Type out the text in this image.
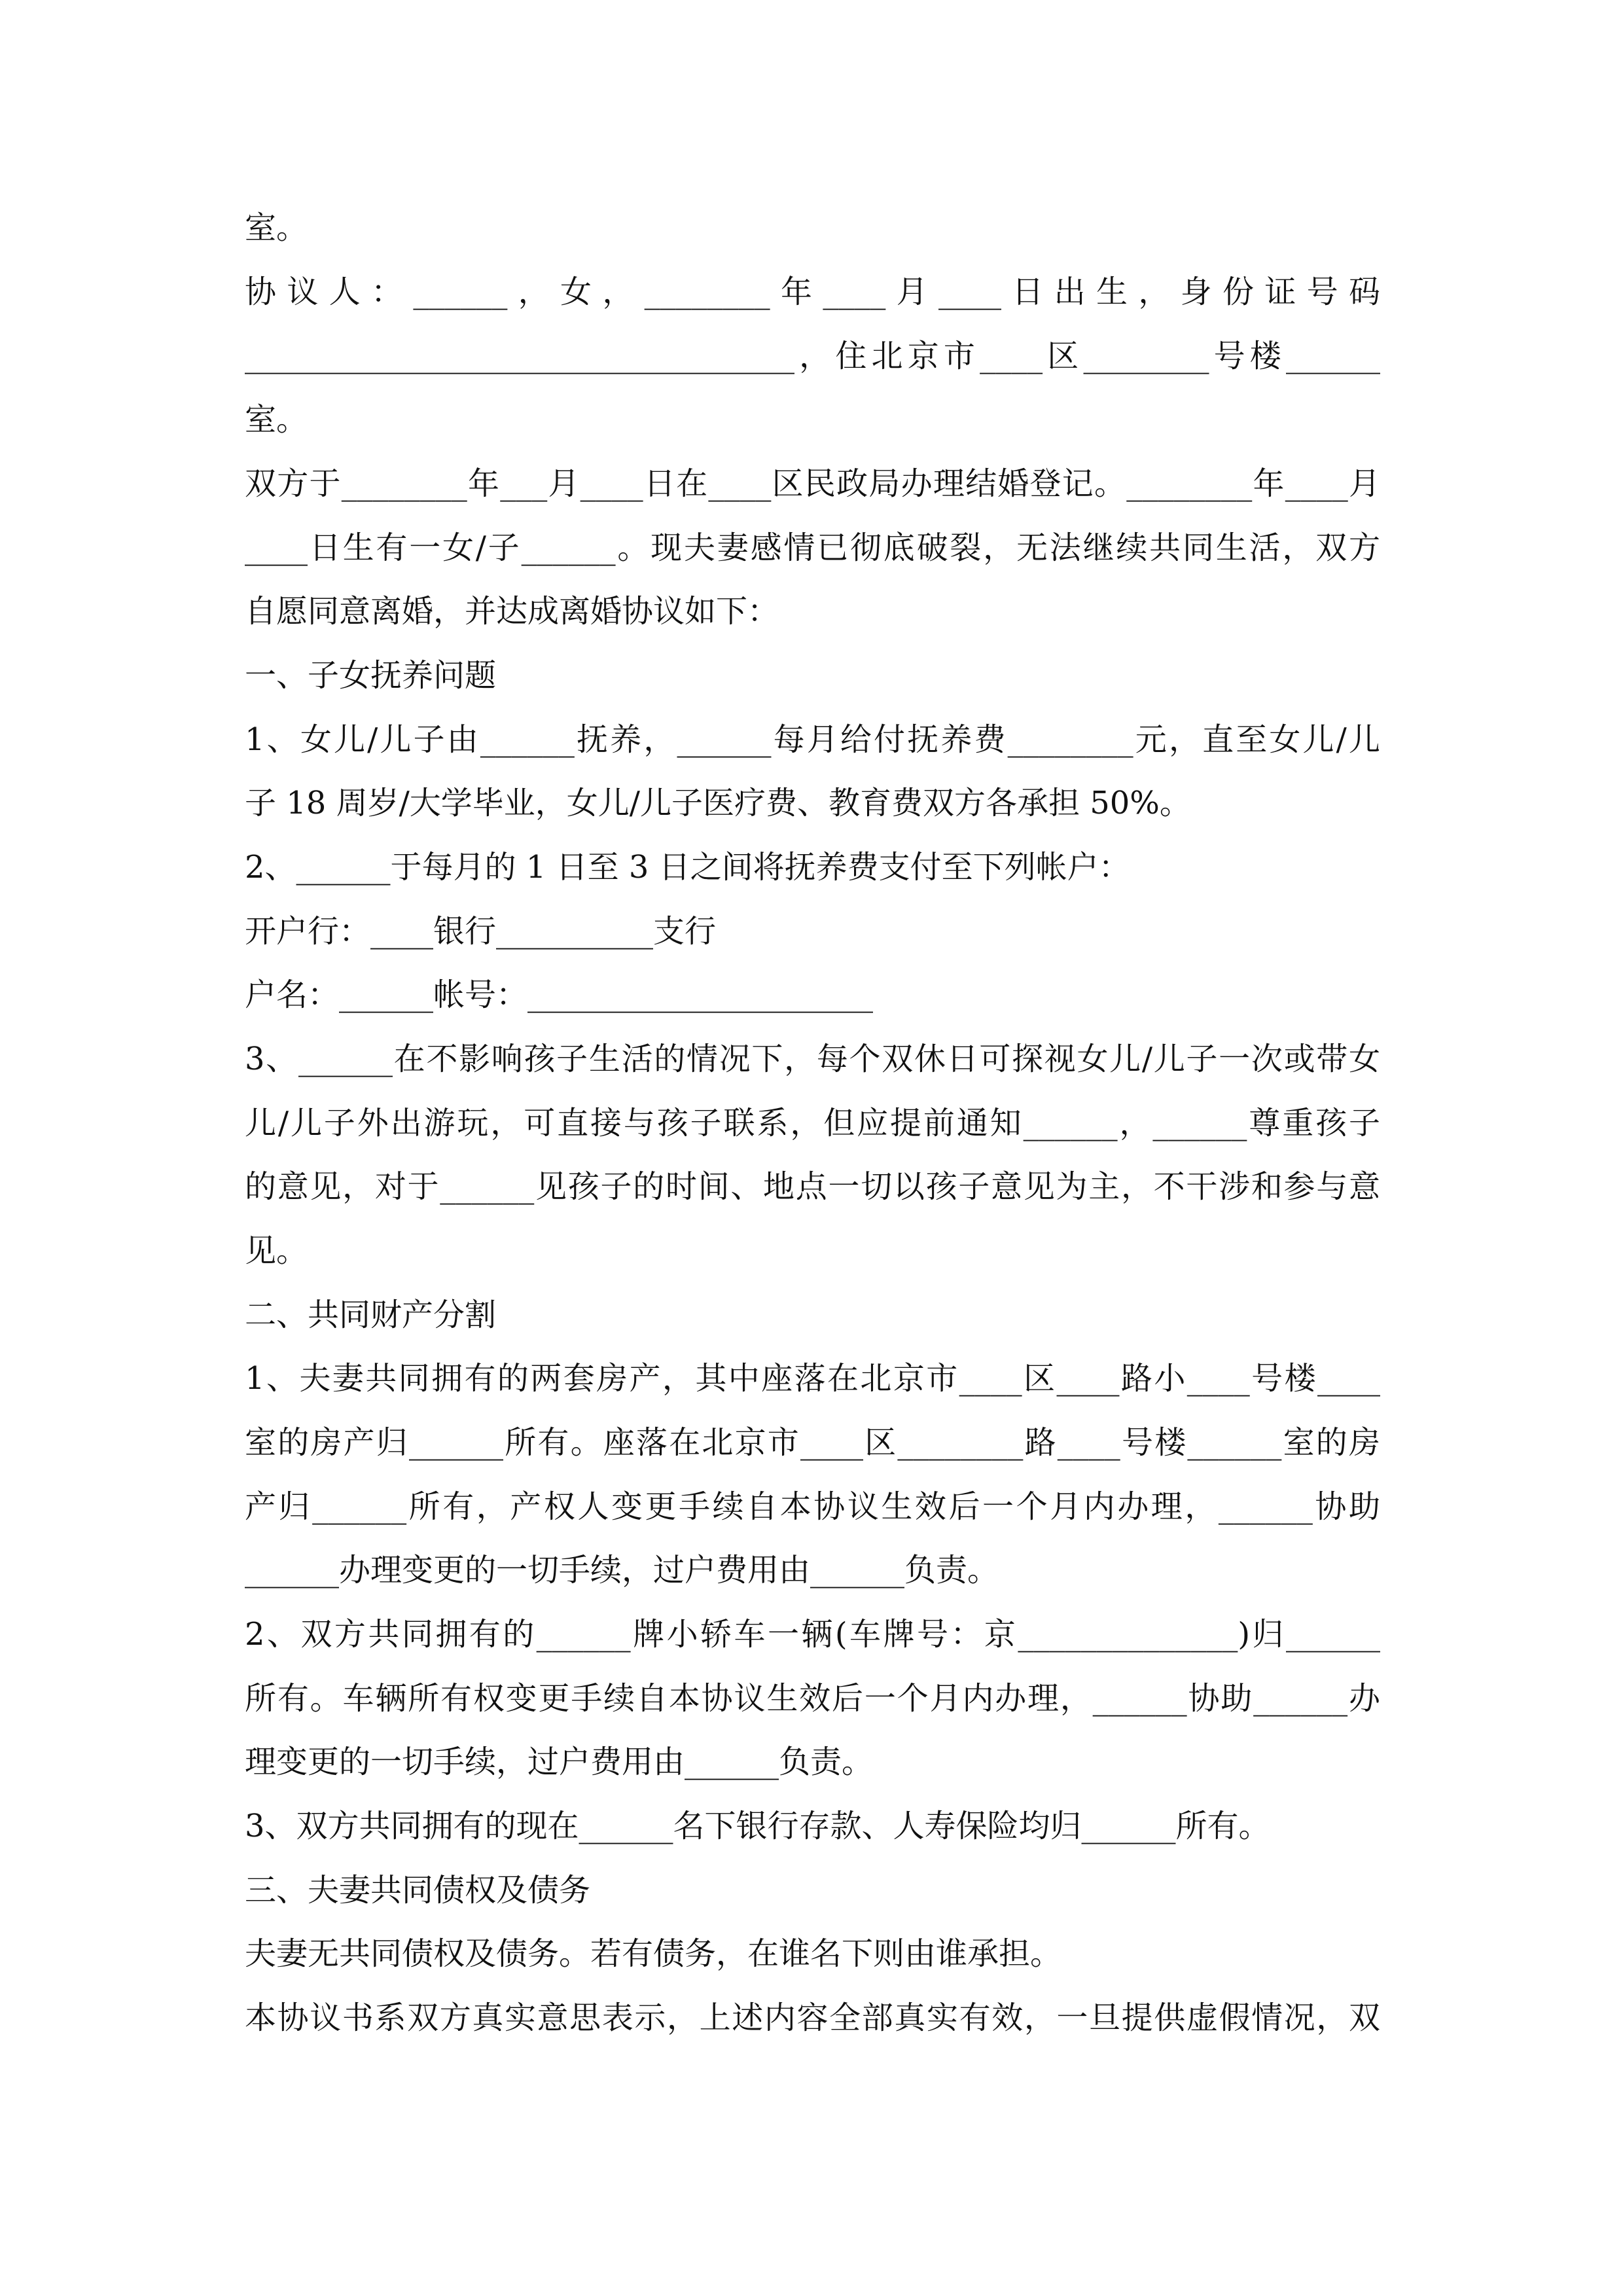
室。
协议人：______，女，________年____月____日出生，身份证号码
___________________________________，住北京市____区________号楼______
室。
双方于________年___月____日在____区民政局办理结婚登记。________年____月
____日生有一女/子______。现夫妻感情已彻底破裂，无法继续共同生活，双方
自愿同意离婚，并达成离婚协议如下：
一、子女抚养问题
1、女儿/儿子由______抚养，______每月给付抚养费________元，直至女儿/儿
子 18 周岁/大学毕业，女儿/儿子医疗费、教育费双方各承担 50%。
2、______于每月的 1 日至 3 日之间将抚养费支付至下列帐户：
开户行：____银行__________支行
户名：______帐号：______________________
3、______在不影响孩子生活的情况下，每个双休日可探视女儿/儿子一次或带女
儿/儿子外出游玩，可直接与孩子联系，但应提前通知______，______尊重孩子
的意见，对于______见孩子的时间、地点一切以孩子意见为主，不干涉和参与意
见。
二、共同财产分割
1、夫妻共同拥有的两套房产，其中座落在北京市____区____路小____号楼____
室的房产归______所有。座落在北京市____区________路____号楼______室的房
产归______所有，产权人变更手续自本协议生效后一个月内办理，______协助
______办理变更的一切手续，过户费用由______负责。
2、双方共同拥有的______牌小轿车一辆(车牌号：京______________)归______
所有。车辆所有权变更手续自本协议生效后一个月内办理，______协助______办
理变更的一切手续，过户费用由______负责。
3、双方共同拥有的现在______名下银行存款、人寿保险均归______所有。
三、夫妻共同债权及债务
夫妻无共同债权及债务。若有债务，在谁名下则由谁承担。
本协议书系双方真实意思表示，上述内容全部真实有效，一旦提供虚假情况，双
